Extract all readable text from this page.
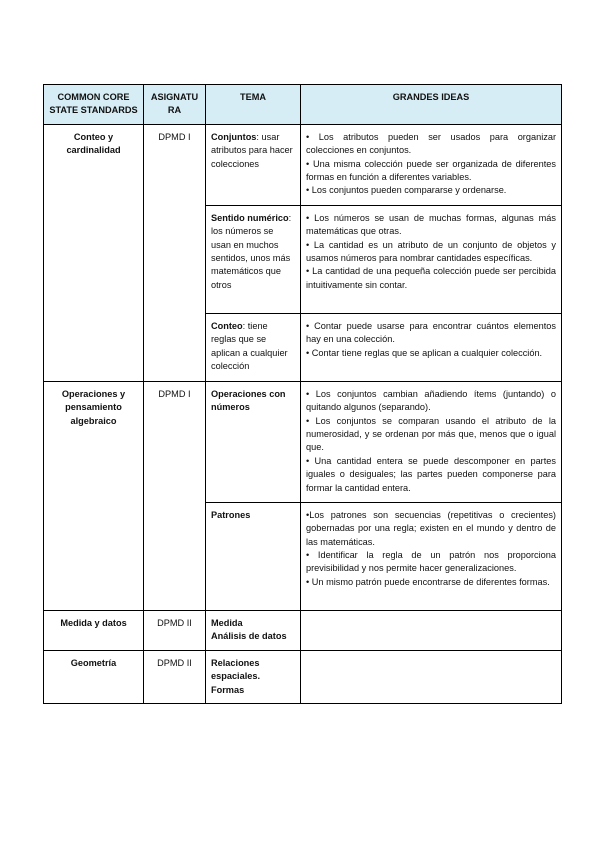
COMMON CORE STATE STANDARDS	ASIGNATURA	TEMA	GRANDES IDEAS
Conteo y cardinalidad	DPMD I	Conjuntos: usar atributos para hacer colecciones	• Los atributos pueden ser usados para organizar colecciones en conjuntos.
• Una misma colección puede ser organizada de diferentes formas en función a diferentes variables.
• Los conjuntos pueden compararse y ordenarse.

		Sentido numérico: los números se usan en muchos sentidos, unos más matemáticos que otros	• Los números se usan de muchas formas, algunas más matemáticas que otras.
• La cantidad es un atributo de un conjunto de objetos y usamos números para nombrar cantidades específicas.
• La cantidad de una pequeña colección puede ser percibida intuitivamente sin contar.

		Conteo: tiene reglas que se aplican a cualquier colección	• Contar puede usarse para encontrar cuántos elementos hay en una colección.
• Contar tiene reglas que se aplican a cualquier colección.

Operaciones y pensamiento algebraico	DPMD I	Operaciones con números	• Los conjuntos cambian añadiendo ítems (juntando) o quitando algunos (separando).
• Los conjuntos se comparan usando el atributo de la numerosidad, y se ordenan por más que, menos que o igual que.
• Una cantidad entera se puede descomponer en partes iguales o desiguales; las partes pueden componerse para formar la cantidad entera.

		Patrones	•Los patrones son secuencias (repetitivas o crecientes) gobernadas por una regla; existen en el mundo y dentro de las matemáticas.
• Identificar la regla de un patrón nos proporciona previsibilidad y nos permite hacer generalizaciones.
• Un mismo patrón puede encontrarse de diferentes formas.

Medida y datos	DPMD II	Medida
Análisis de datos	

Geometría	DPMD II	Relaciones espaciales.
Formas	
